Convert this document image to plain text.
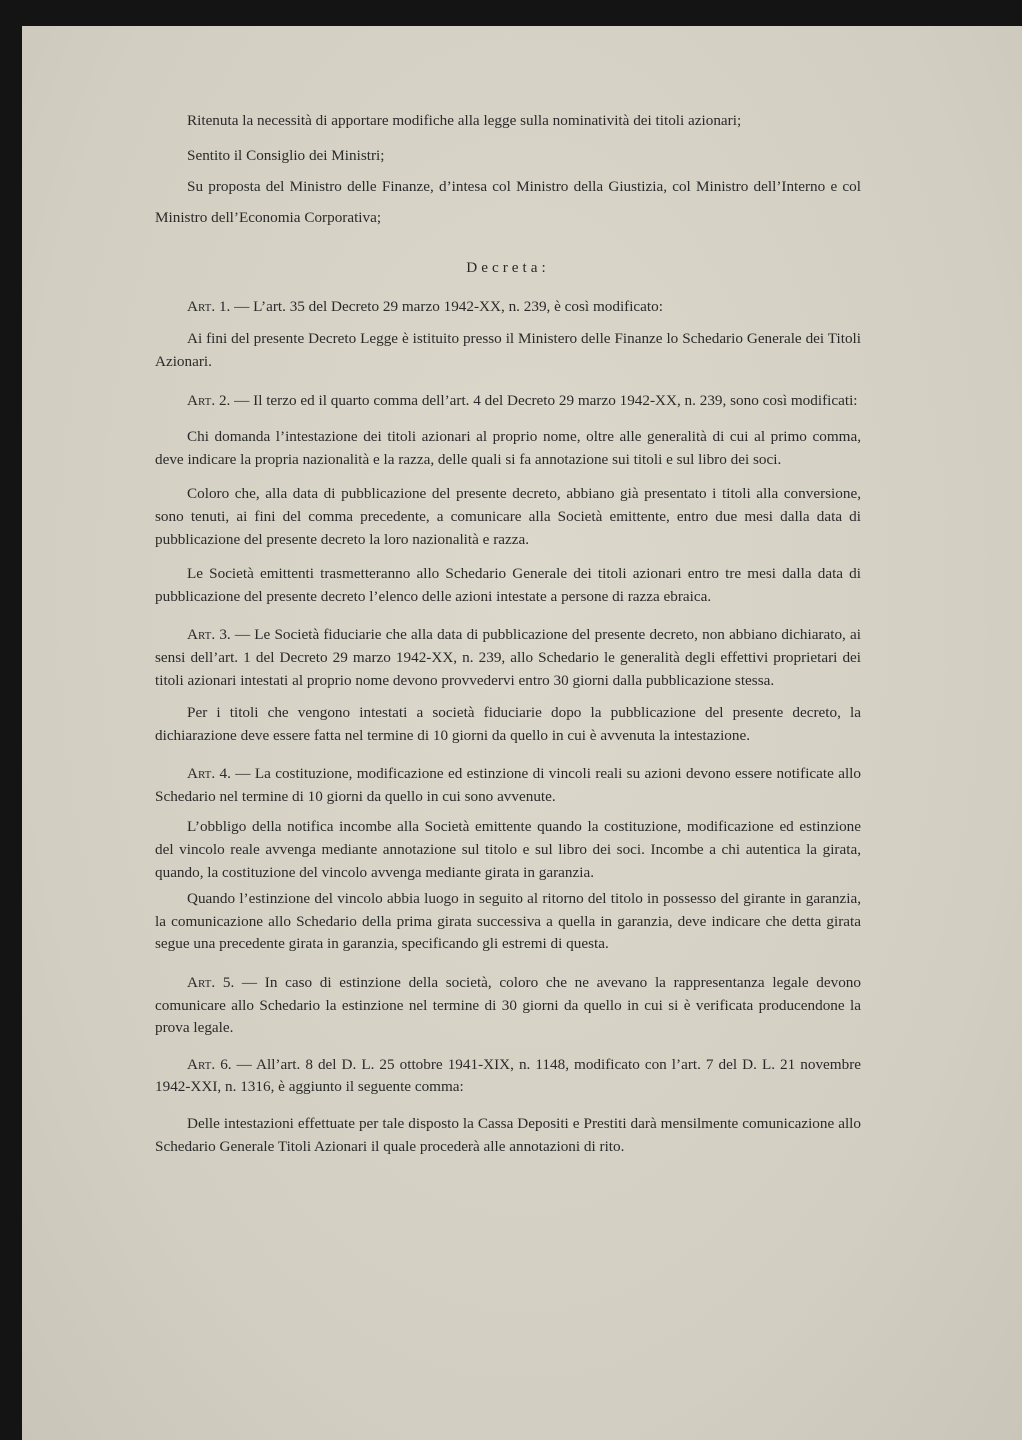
Ritenuta la necessità di apportare modifiche alla legge sulla nominatività dei titoli azionari;

Sentito il Consiglio dei Ministri;

Su proposta del Ministro delle Finanze, d’intesa col Ministro della Giustizia, col Ministro dell’Interno e col Ministro dell’Economia Corporativa;

Decreta:

Art. 1. — L’art. 35 del Decreto 29 marzo 1942-XX, n. 239, è così modificato:

Ai fini del presente Decreto Legge è istituito presso il Ministero delle Finanze lo Schedario Generale dei Titoli Azionari.

Art. 2. — Il terzo ed il quarto comma dell’art. 4 del Decreto 29 marzo 1942-XX, n. 239, sono così modificati:

Chi domanda l’intestazione dei titoli azionari al proprio nome, oltre alle generalità di cui al primo comma, deve indicare la propria nazionalità e la razza, delle quali si fa annotazione sui titoli e sul libro dei soci.

Coloro che, alla data di pubblicazione del presente decreto, abbiano già presentato i titoli alla conversione, sono tenuti, ai fini del comma precedente, a comunicare alla Società emittente, entro due mesi dalla data di pubblicazione del presente decreto la loro nazionalità e razza.

Le Società emittenti trasmetteranno allo Schedario Generale dei titoli azionari entro tre mesi dalla data di pubblicazione del presente decreto l’elenco delle azioni intestate a persone di razza ebraica.

Art. 3. — Le Società fiduciarie che alla data di pubblicazione del presente decreto, non abbiano dichiarato, ai sensi dell’art. 1 del Decreto 29 marzo 1942-XX, n. 239, allo Schedario le generalità degli effettivi proprietari dei titoli azionari intestati al proprio nome devono provvedervi entro 30 giorni dalla pubblicazione stessa.

Per i titoli che vengono intestati a società fiduciarie dopo la pubblicazione del presente decreto, la dichiarazione deve essere fatta nel termine di 10 giorni da quello in cui è avvenuta la intestazione.

Art. 4. — La costituzione, modificazione ed estinzione di vincoli reali su azioni devono essere notificate allo Schedario nel termine di 10 giorni da quello in cui sono avvenute.

L’obbligo della notifica incombe alla Società emittente quando la costituzione, modificazione ed estinzione del vincolo reale avvenga mediante annotazione sul titolo e sul libro dei soci. Incombe a chi autentica la girata, quando, la costituzione del vincolo avvenga mediante girata in garanzia.

Quando l’estinzione del vincolo abbia luogo in seguito al ritorno del titolo in possesso del girante in garanzia, la comunicazione allo Schedario della prima girata successiva a quella in garanzia, deve indicare che detta girata segue una precedente girata in garanzia, specificando gli estremi di questa.

Art. 5. — In caso di estinzione della società, coloro che ne avevano la rappresentanza legale devono comunicare allo Schedario la estinzione nel termine di 30 giorni da quello in cui si è verificata producendone la prova legale.

Art. 6. — All’art. 8 del D. L. 25 ottobre 1941-XIX, n. 1148, modificato con l’art. 7 del D. L. 21 novembre 1942-XXI, n. 1316, è aggiunto il seguente comma:

Delle intestazioni effettuate per tale disposto la Cassa Depositi e Prestiti darà mensilmente comunicazione allo Schedario Generale Titoli Azionari il quale procederà alle annotazioni di rito.
